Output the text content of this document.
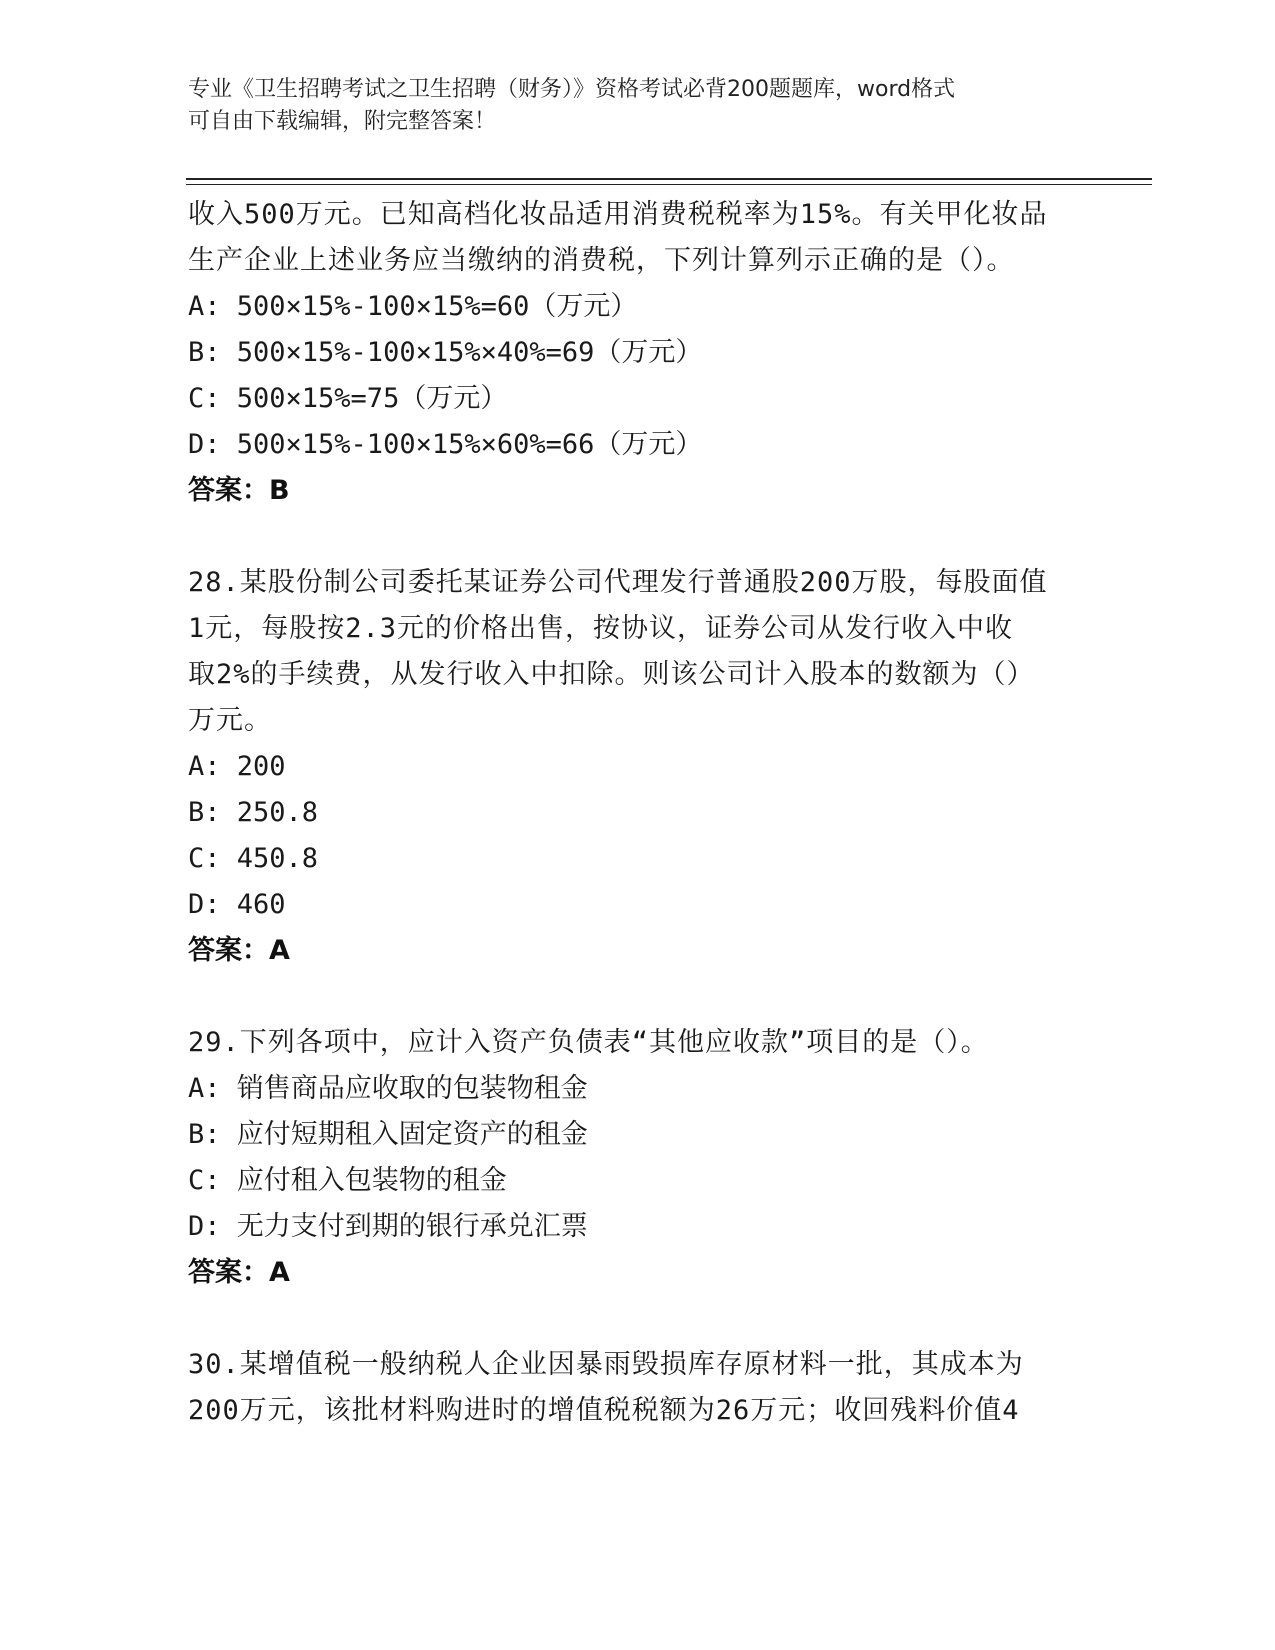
专业《卫生招聘考试之卫生招聘（财务）》资格考试必背200题题库，word格式
可自由下载编辑，附完整答案！
收入500万元。已知高档化妆品适用消费税税率为15%。有关甲化妆品
生产企业上述业务应当缴纳的消费税，下列计算列示正确的是（）。
A: 500×15%-100×15%=60（万元）
B: 500×15%-100×15%×40%=69（万元）
C: 500×15%=75（万元）
D: 500×15%-100×15%×60%=66（万元）
答案：B
28.某股份制公司委托某证券公司代理发行普通股200万股，每股面值
1元，每股按2.3元的价格出售，按协议，证券公司从发行收入中收
取2%的手续费，从发行收入中扣除。则该公司计入股本的数额为（）
万元。
A: 200
B: 250.8
C: 450.8
D: 460
答案：A
29.下列各项中，应计入资产负债表“其他应收款”项目的是（）。
A: 销售商品应收取的包装物租金
B: 应付短期租入固定资产的租金
C: 应付租入包装物的租金
D: 无力支付到期的银行承兑汇票
答案：A
30.某增值税一般纳税人企业因暴雨毁损库存原材料一批，其成本为
200万元，该批材料购进时的增值税税额为26万元；收回残料价值4
